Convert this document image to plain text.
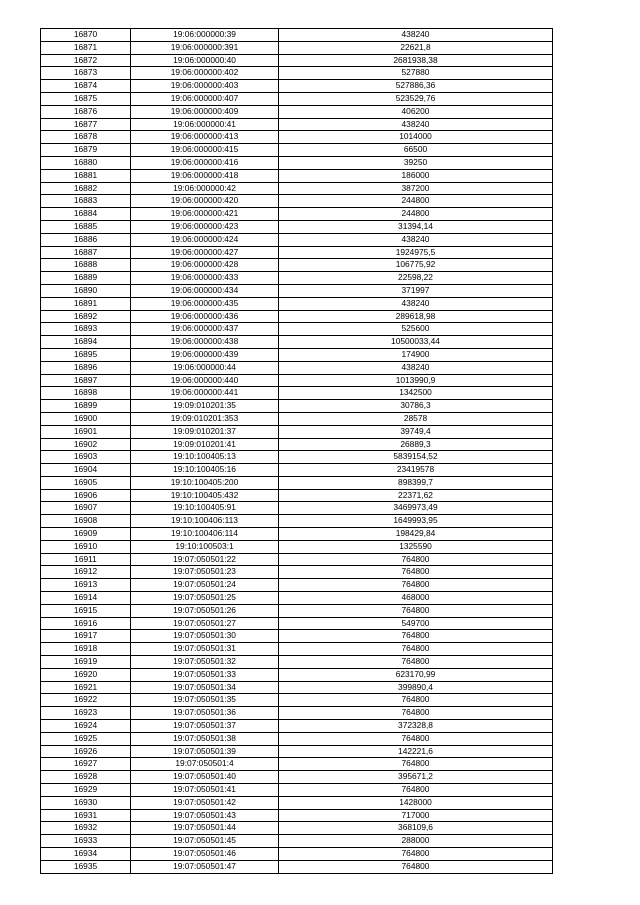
16870	19:06:000000:39	438240
16871	19:06:000000:391	22621,8
16872	19:06:000000:40	2681938,38
16873	19:06:000000:402	527880
16874	19:06:000000:403	527886,36
16875	19:06:000000:407	523529,76
16876	19:06:000000:409	406200
16877	19:06:000000:41	438240
16878	19:06:000000:413	1014000
16879	19:06:000000:415	66500
16880	19:06:000000:416	39250
16881	19:06:000000:418	186000
16882	19:06:000000:42	387200
16883	19:06:000000:420	244800
16884	19:06:000000:421	244800
16885	19:06:000000:423	31394,14
16886	19:06:000000:424	438240
16887	19:06:000000:427	1924975,5
16888	19:06:000000:428	106775,92
16889	19:06:000000:433	22598,22
16890	19:06:000000:434	371997
16891	19:06:000000:435	438240
16892	19:06:000000:436	289618,98
16893	19:06:000000:437	525600
16894	19:06:000000:438	10500033,44
16895	19:06:000000:439	174900
16896	19:06:000000:44	438240
16897	19:06:000000:440	1013990,9
16898	19:06:000000:441	1342500
16899	19:09:010201:35	30786,3
16900	19:09:010201:353	28578
16901	19:09:010201:37	39749,4
16902	19:09:010201:41	26889,3
16903	19:10:100405:13	5839154,52
16904	19:10:100405:16	23419578
16905	19:10:100405:200	898399,7
16906	19:10:100405:432	22371,62
16907	19:10:100405:91	3469973,49
16908	19:10:100406:113	1649993,95
16909	19:10:100406:114	198429,84
16910	19:10:100503:1	1325590
16911	19:07:050501:22	764800
16912	19:07:050501:23	764800
16913	19:07:050501:24	764800
16914	19:07:050501:25	468000
16915	19:07:050501:26	764800
16916	19:07:050501:27	549700
16917	19:07:050501:30	764800
16918	19:07:050501:31	764800
16919	19:07:050501:32	764800
16920	19:07:050501:33	623170,99
16921	19:07:050501:34	399890,4
16922	19:07:050501:35	764800
16923	19:07:050501:36	764800
16924	19:07:050501:37	372328,8
16925	19:07:050501:38	764800
16926	19:07:050501:39	142221,6
16927	19:07:050501:4	764800
16928	19:07:050501:40	395671,2
16929	19:07:050501:41	764800
16930	19:07:050501:42	1428000
16931	19:07:050501:43	717000
16932	19:07:050501:44	368109,6
16933	19:07:050501:45	288000
16934	19:07:050501:46	764800
16935	19:07:050501:47	764800
